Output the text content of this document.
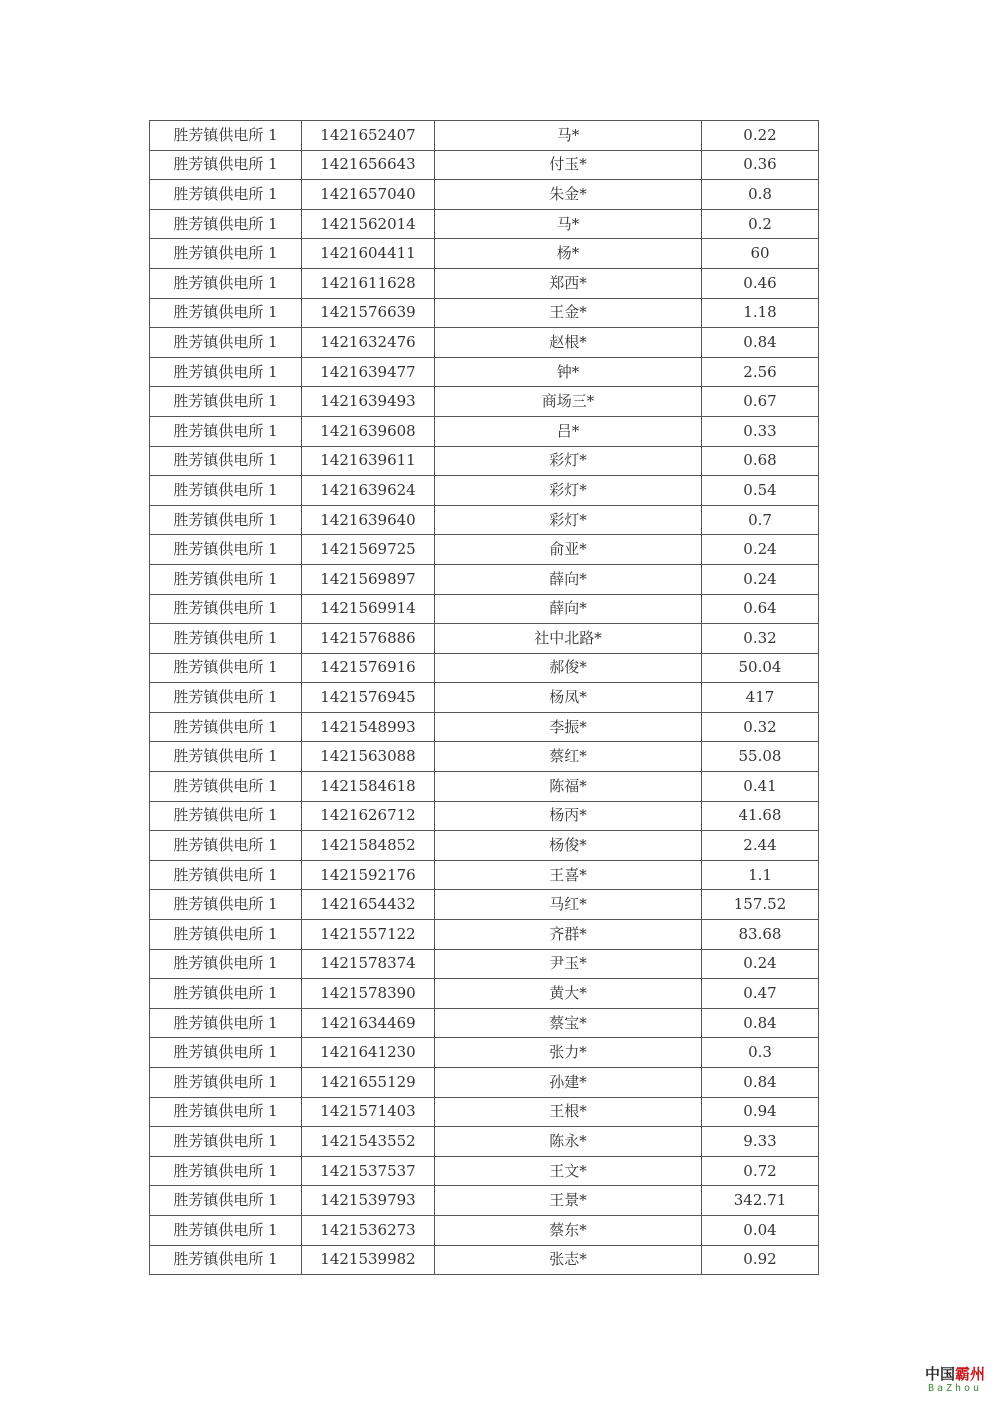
胜芳镇供电所 1	1421652407	马*	0.22
胜芳镇供电所 1	1421656643	付玉*	0.36
胜芳镇供电所 1	1421657040	朱金*	0.8
胜芳镇供电所 1	1421562014	马*	0.2
胜芳镇供电所 1	1421604411	杨*	60
胜芳镇供电所 1	1421611628	郑西*	0.46
胜芳镇供电所 1	1421576639	王金*	1.18
胜芳镇供电所 1	1421632476	赵根*	0.84
胜芳镇供电所 1	1421639477	钟*	2.56
胜芳镇供电所 1	1421639493	商场三*	0.67
胜芳镇供电所 1	1421639608	吕*	0.33
胜芳镇供电所 1	1421639611	彩灯*	0.68
胜芳镇供电所 1	1421639624	彩灯*	0.54
胜芳镇供电所 1	1421639640	彩灯*	0.7
胜芳镇供电所 1	1421569725	俞亚*	0.24
胜芳镇供电所 1	1421569897	薛向*	0.24
胜芳镇供电所 1	1421569914	薛向*	0.64
胜芳镇供电所 1	1421576886	社中北路*	0.32
胜芳镇供电所 1	1421576916	郝俊*	50.04
胜芳镇供电所 1	1421576945	杨凤*	417
胜芳镇供电所 1	1421548993	李振*	0.32
胜芳镇供电所 1	1421563088	蔡红*	55.08
胜芳镇供电所 1	1421584618	陈福*	0.41
胜芳镇供电所 1	1421626712	杨丙*	41.68
胜芳镇供电所 1	1421584852	杨俊*	2.44
胜芳镇供电所 1	1421592176	王喜*	1.1
胜芳镇供电所 1	1421654432	马红*	157.52
胜芳镇供电所 1	1421557122	齐群*	83.68
胜芳镇供电所 1	1421578374	尹玉*	0.24
胜芳镇供电所 1	1421578390	黄大*	0.47
胜芳镇供电所 1	1421634469	蔡宝*	0.84
胜芳镇供电所 1	1421641230	张力*	0.3
胜芳镇供电所 1	1421655129	孙建*	0.84
胜芳镇供电所 1	1421571403	王根*	0.94
胜芳镇供电所 1	1421543552	陈永*	9.33
胜芳镇供电所 1	1421537537	王文*	0.72
胜芳镇供电所 1	1421539793	王景*	342.71
胜芳镇供电所 1	1421536273	蔡东*	0.04
胜芳镇供电所 1	1421539982	张志*	0.92
中国霸州
BaZhou
